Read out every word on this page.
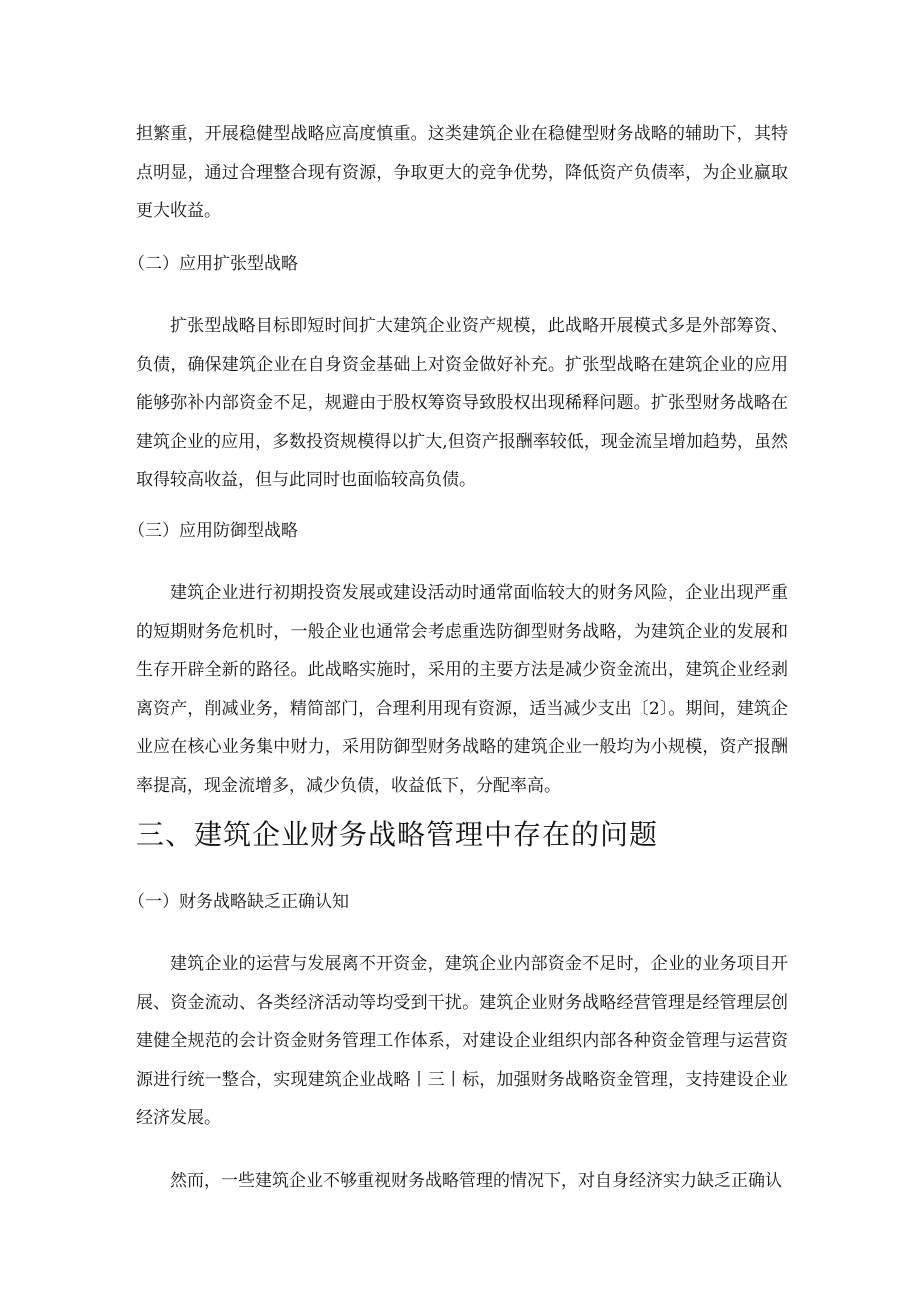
担繁重，开展稳健型战略应高度慎重。这类建筑企业在稳健型财务战略的辅助下，其特点明显，通过合理整合现有资源，争取更大的竞争优势，降低资产负债率，为企业赢取更大收益。

（二）应用扩张型战略

扩张型战略目标即短时间扩大建筑企业资产规模，此战略开展模式多是外部筹资、负债，确保建筑企业在自身资金基础上对资金做好补充。扩张型战略在建筑企业的应用能够弥补内部资金不足，规避由于股权筹资导致股权出现稀释问题。扩张型财务战略在建筑企业的应用，多数投资规模得以扩大,但资产报酬率较低，现金流呈增加趋势，虽然取得较高收益，但与此同时也面临较高负债。

（三）应用防御型战略

建筑企业进行初期投资发展或建设活动时通常面临较大的财务风险，企业出现严重的短期财务危机时，一般企业也通常会考虑重选防御型财务战略，为建筑企业的发展和生存开辟全新的路径。此战略实施时，采用的主要方法是减少资金流出，建筑企业经剥离资产，削减业务，精简部门，合理利用现有资源，适当减少支出〔2〕。期间，建筑企业应在核心业务集中财力，采用防御型财务战略的建筑企业一般均为小规模，资产报酬率提高，现金流增多，减少负债，收益低下，分配率高。

三、建筑企业财务战略管理中存在的问题

（一）财务战略缺乏正确认知

建筑企业的运营与发展离不开资金，建筑企业内部资金不足时，企业的业务项目开展、资金流动、各类经济活动等均受到干扰。建筑企业财务战略经营管理是经管理层创建健全规范的会计资金财务管理工作体系，对建设企业组织内部各种资金管理与运营资源进行统一整合，实现建筑企业战略丨三丨标，加强财务战略资金管理，支持建设企业经济发展。

然而，一些建筑企业不够重视财务战略管理的情况下，对自身经济实力缺乏正确认
